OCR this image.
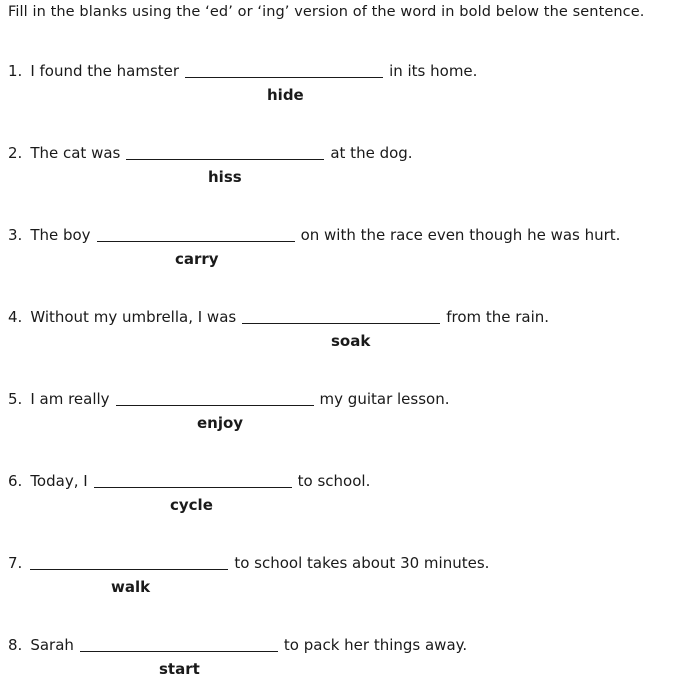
Fill in the blanks using the ‘ed’ or ‘ing’ version of the word in bold below the sentence.
1. I found the hamster	in its home.
hide
2. The cat was	at the dog.
hiss
3. The boy	on with the race even though he was hurt.
carry
4. Without my umbrella, I was	from the rain.
soak
5. I am really	my guitar lesson.
enjoy
6. Today, I	to school.
cycle
7.	to school takes about 30 minutes.
walk
8. Sarah	to pack her things away.
start
